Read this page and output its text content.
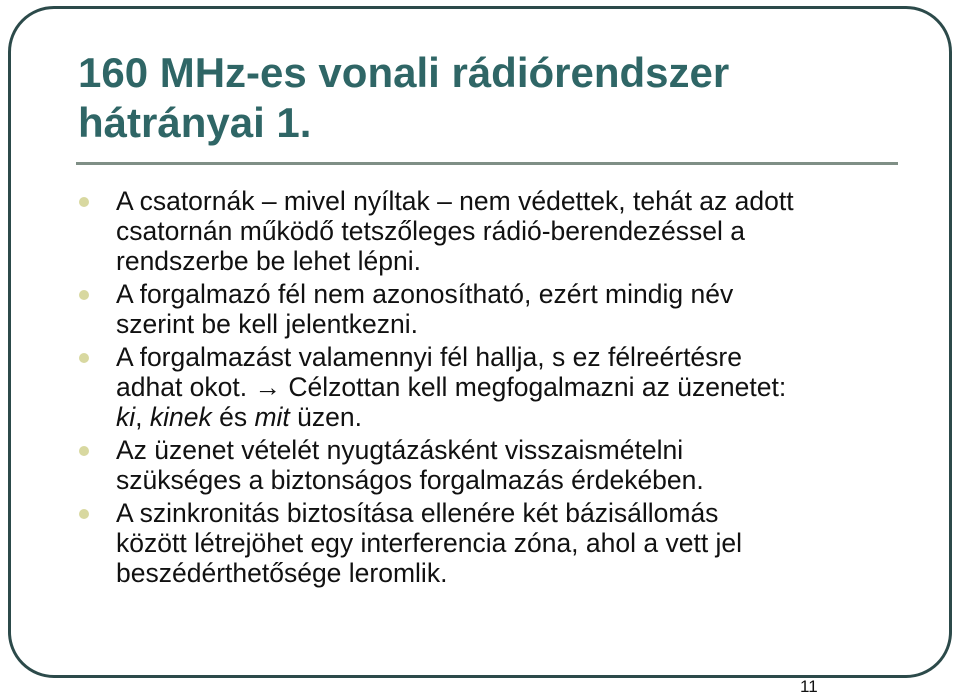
160 MHz-es vonali rádiórendszer
hátrányai 1.
A csatornák – mivel nyíltak – nem védettek, tehát az adott
csatornán működő tetszőleges rádió-berendezéssel a
rendszerbe be lehet lépni.
A forgalmazó fél nem azonosítható, ezért mindig név
szerint be kell jelentkezni.
A forgalmazást valamennyi fél hallja, s ez félreértésre
adhat okot. → Célzottan kell megfogalmazni az üzenetet:
ki, kinek és mit üzen.
Az üzenet vételét nyugtázásként visszaismételni
szükséges a biztonságos forgalmazás érdekében.
A szinkronitás biztosítása ellenére két bázisállomás
között létrejöhet egy interferencia zóna, ahol a vett jel
beszédérthetősége leromlik.
11
